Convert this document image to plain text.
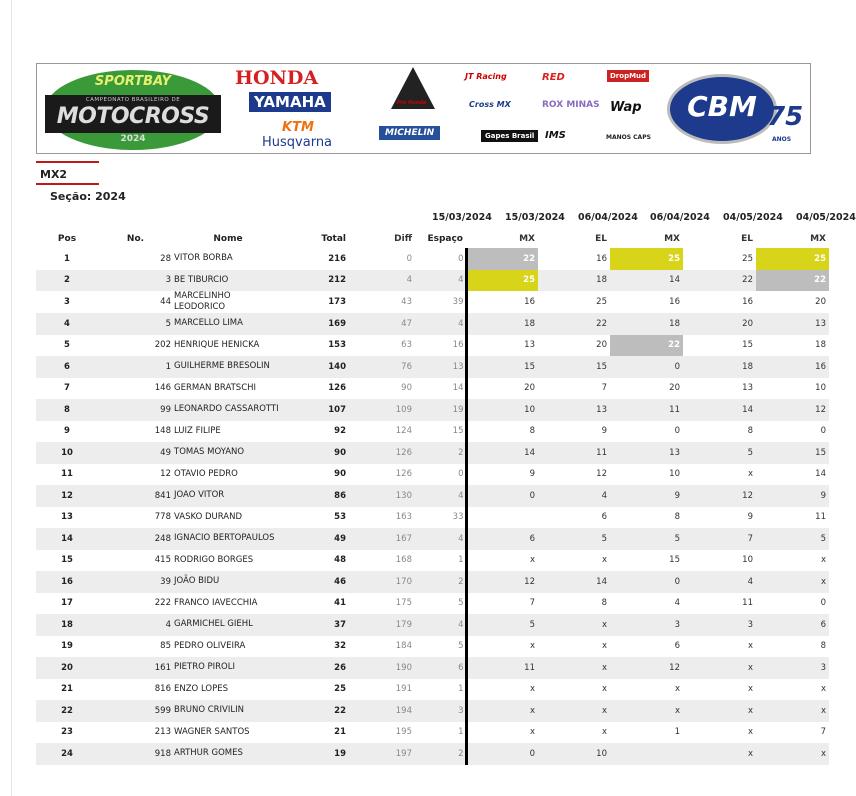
SPORTBAY
CAMPEONATO BRASILEIRO DE
MOTOCROSS
2024
HONDA
YAMAHA
KTM
Husqvarna
Pro Honda
MICHELIN
JT Racing
Cross MX
Gapes Brasil
RED
ROX MINAS
IMS
DropMud
Wap
MANOS CAPS
CBM 75
ANOS
MX2
Seção: 2024
15/03/2024 15/03/2024 06/04/2024 06/04/2024 04/05/2024 04/05/2024
Pos	No.	Nome	Total	Diff	Espaço	MX	EL	MX	EL	MX
1	28	VITOR BORBA	216	0	0	22	16	25	25	25
2	3	BE TIBURCIO	212	4	4	25	18	14	22	22
3	44	MARCELINHO LEODORICO	173	43	39	16	25	16	16	20
4	5	MARCELLO LIMA	169	47	4	18	22	18	20	13
5	202	HENRIQUE HENICKA	153	63	16	13	20	22	15	18
6	1	GUILHERME BRESOLIN	140	76	13	15	15	0	18	16
7	146	GERMAN BRATSCHI	126	90	14	20	7	20	13	10
8	99	LEONARDO CASSAROTTI	107	109	19	10	13	11	14	12
9	148	LUIZ FILIPE	92	124	15	8	9	0	8	0
10	49	TOMAS MOYANO	90	126	2	14	11	13	5	15
11	12	OTAVIO PEDRO	90	126	0	9	12	10	x	14
12	841	JOAO VITOR	86	130	4	0	4	9	12	9
13	778	VASKO DURAND	53	163	33		6	8	9	11
14	248	IGNACIO BERTOPAULOS	49	167	4	6	5	5	7	5
15	415	RODRIGO BORGES	48	168	1	x	x	15	10	x
16	39	JOÃO BIDU	46	170	2	12	14	0	4	x
17	222	FRANCO IAVECCHIA	41	175	5	7	8	4	11	0
18	4	GARMICHEL GIEHL	37	179	4	5	x	3	3	6
19	85	PEDRO OLIVEIRA	32	184	5	x	x	6	x	8
20	161	PIETRO PIROLI	26	190	6	11	x	12	x	3
21	816	ENZO LOPES	25	191	1	x	x	x	x	x
22	599	BRUNO CRIVILIN	22	194	3	x	x	x	x	x
23	213	WAGNER SANTOS	21	195	1	x	x	1	x	7
24	918	ARTHUR GOMES	19	197	2	0	10		x	x
